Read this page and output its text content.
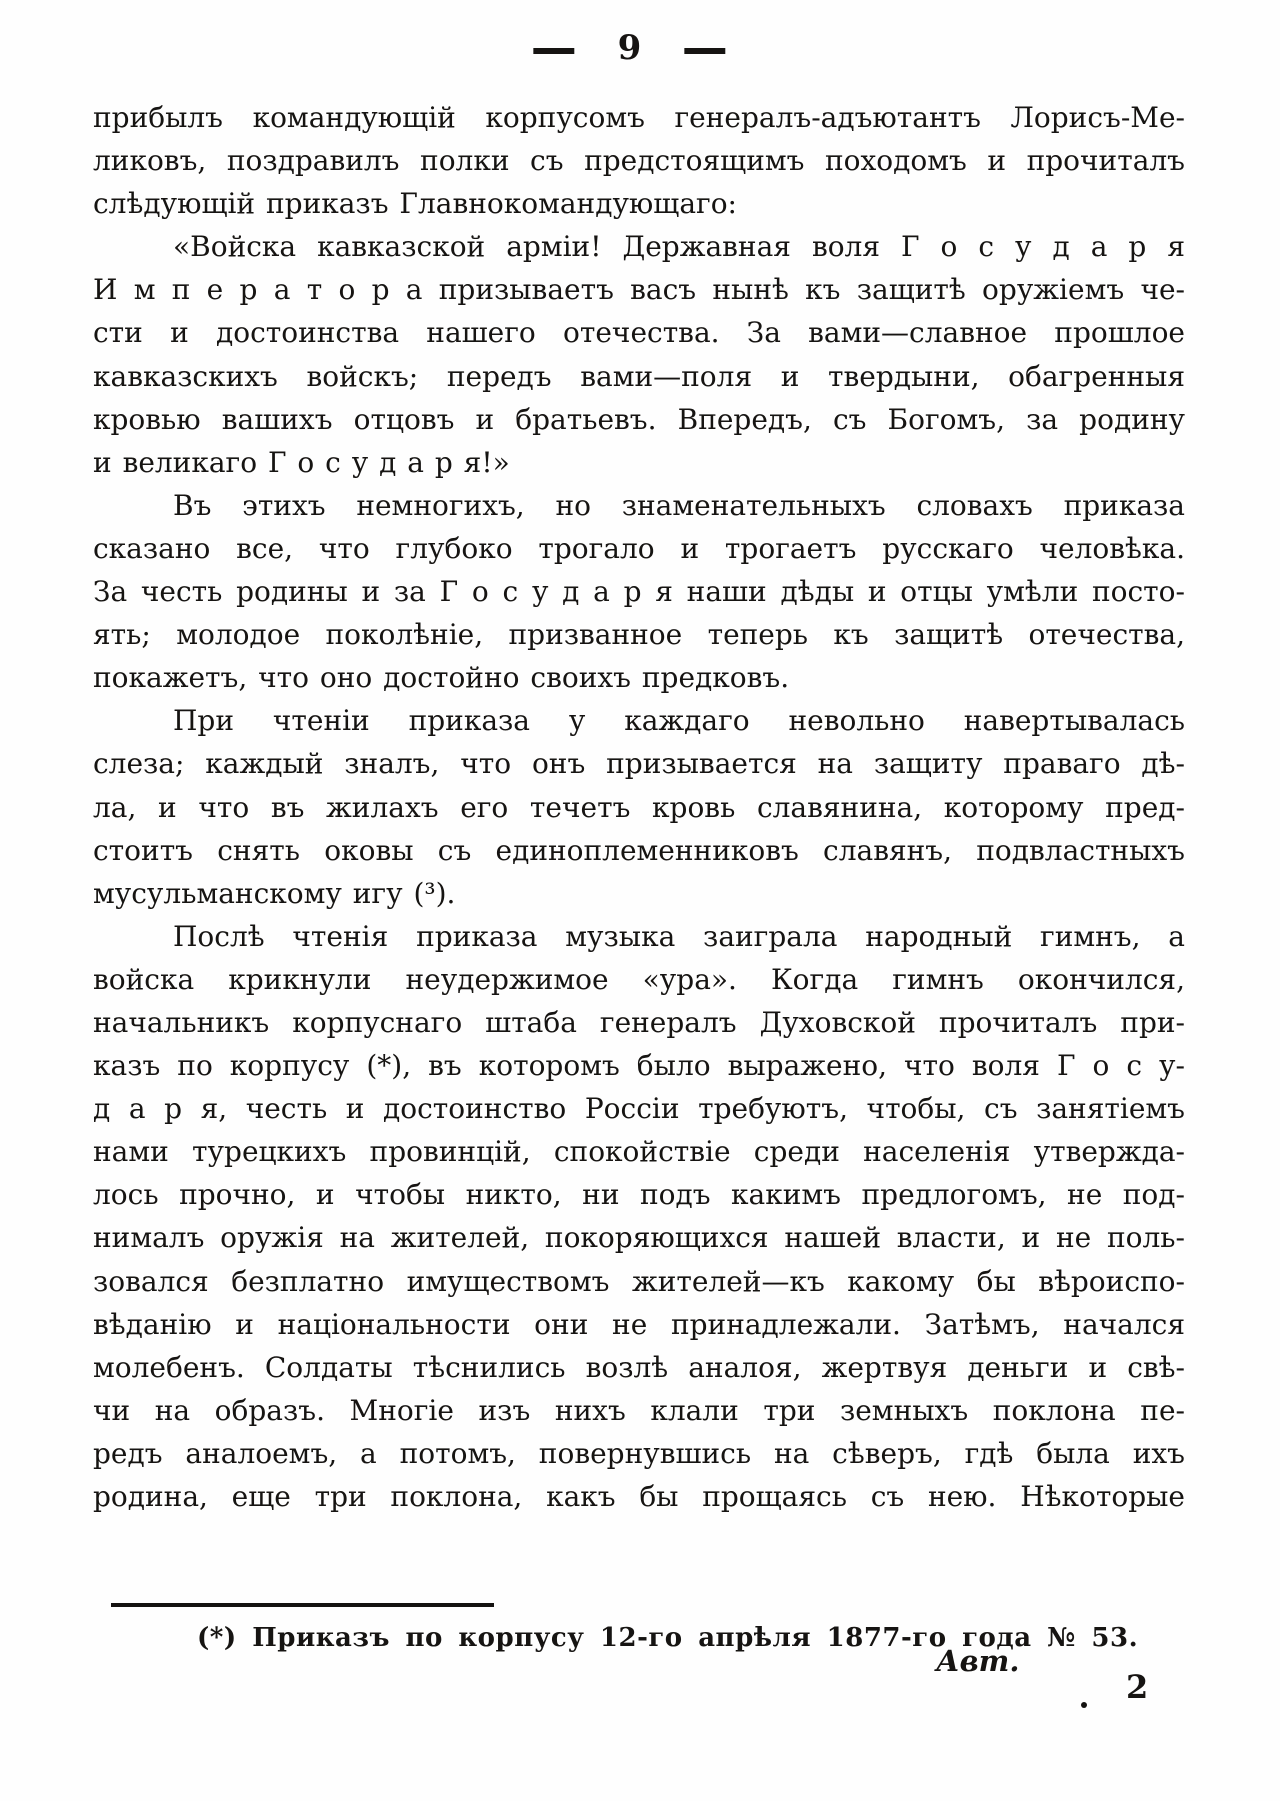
— 9 —
прибылъ командующій корпусомъ генералъ-адъютантъ Лорисъ-Ме-
ликовъ, поздравилъ полки съ предстоящимъ походомъ и прочиталъ
слѣдующій приказъ Главнокомандующаго:
«Войска кавказской арміи! Державная воля Г о с у д а р я
И м п е р а т о р а призываетъ васъ нынѣ къ защитѣ оружіемъ че-
сти и достоинства нашего отечества. За вами—славное прошлое
кавказскихъ войскъ; передъ вами—поля и твердыни, обагренныя
кровью вашихъ отцовъ и братьевъ. Впередъ, съ Богомъ, за родину
и великаго Г о с у д а р я!»
Въ этихъ немногихъ, но знаменательныхъ словахъ приказа
сказано все, что глубоко трогало и трогаетъ русскаго человѣка.
За честь родины и за Г о с у д а р я наши дѣды и отцы умѣли посто-
ять; молодое поколѣніе, призванное теперь къ защитѣ отечества,
покажетъ, что оно достойно своихъ предковъ.
При чтеніи приказа у каждаго невольно навертывалась
слеза; каждый зналъ, что онъ призывается на защиту праваго дѣ-
ла, и что въ жилахъ его течетъ кровь славянина, которому пред-
стоитъ снять оковы съ единоплеменниковъ славянъ, подвластныхъ
мусульманскому игу (³).
Послѣ чтенія приказа музыка заиграла народный гимнъ, а
войска крикнули неудержимое «ура». Когда гимнъ окончился,
начальникъ корпуснаго штаба генералъ Духовской прочиталъ при-
казъ по корпусу (*), въ которомъ было выражено, что воля Г о с у-
д а р я, честь и достоинство Россіи требуютъ, чтобы, съ занятіемъ
нами турецкихъ провинцій, спокойствіе среди населенія утвержда-
лось прочно, и чтобы никто, ни подъ какимъ предлогомъ, не под-
нималъ оружія на жителей, покоряющихся нашей власти, и не поль-
зовался безплатно имуществомъ жителей—къ какому бы вѣроиспо-
вѣданію и національности они не принадлежали. Затѣмъ, начался
молебенъ. Солдаты тѣснились возлѣ аналоя, жертвуя деньги и свѣ-
чи на образъ. Многіе изъ нихъ клали три земныхъ поклона пе-
редъ аналоемъ, а потомъ, повернувшись на сѣверъ, гдѣ была ихъ
родина, еще три поклона, какъ бы прощаясь съ нею. Нѣкоторые
(*) Приказъ по корпусу 12-го апрѣля 1877-го года № 53.
Авт.
2
